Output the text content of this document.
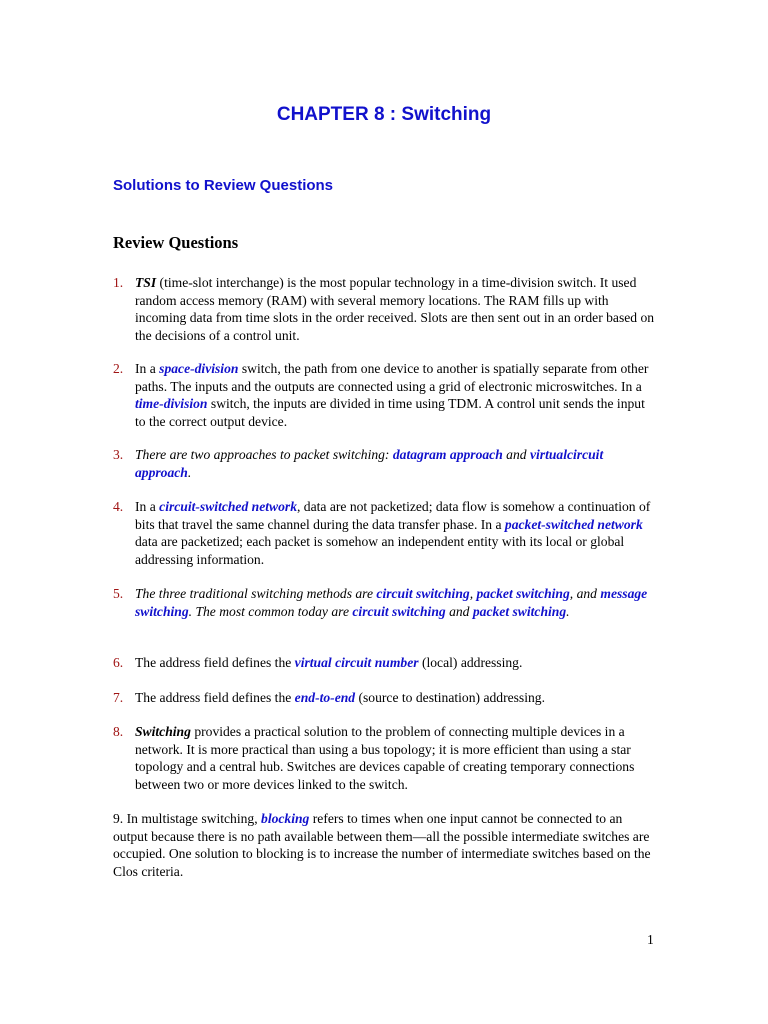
CHAPTER 8 : Switching
Solutions to Review Questions
Review Questions
1. TSI (time-slot interchange) is the most popular technology in a time-division switch. It used random access memory (RAM) with several memory locations. The RAM fills up with incoming data from time slots in the order received. Slots are then sent out in an order based on the decisions of a control unit.
2. In a space-division switch, the path from one device to another is spatially separate from other paths. The inputs and the outputs are connected using a grid of electronic microswitches. In a time-division switch, the inputs are divided in time using TDM. A control unit sends the input to the correct output device.
3. There are two approaches to packet switching: datagram approach and virtualcircuit approach.
4. In a circuit-switched network, data are not packetized; data flow is somehow a continuation of bits that travel the same channel during the data transfer phase. In a packet-switched network data are packetized; each packet is somehow an independent entity with its local or global addressing information.
5. The three traditional switching methods are circuit switching, packet switching, and message switching. The most common today are circuit switching and packet switching.
6. The address field defines the virtual circuit number (local) addressing.
7. The address field defines the end-to-end (source to destination) addressing.
8. Switching provides a practical solution to the problem of connecting multiple devices in a network. It is more practical than using a bus topology; it is more efficient than using a star topology and a central hub. Switches are devices capable of creating temporary connections between two or more devices linked to the switch.
9. In multistage switching, blocking refers to times when one input cannot be connected to an output because there is no path available between them—all the possible intermediate switches are occupied. One solution to blocking is to increase the number of intermediate switches based on the Clos criteria.
1
